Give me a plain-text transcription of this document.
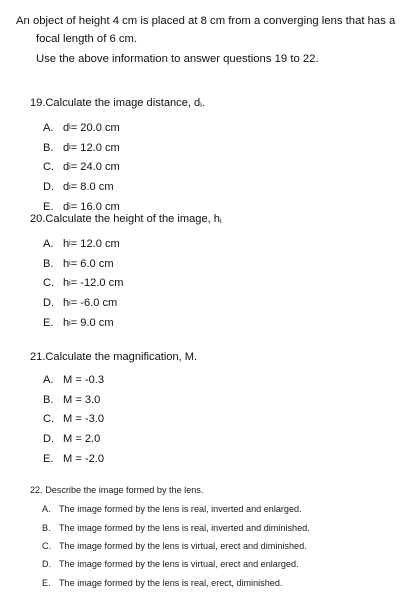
An object of height 4 cm is placed at 8 cm from a converging lens that has a
focal length of 6 cm.
Use the above information to answer questions 19 to 22.
19. Calculate the image distance, di.
A. d i = 20.0 cm
B. d i = 12.0 cm
C. d i = 24.0 cm
D. d i = 8.0 cm
E. d i = 16.0 cm
20. Calculate the height of the image, hi
A. h i = 12.0 cm
B. h i = 6.0 cm
C. h i = -12.0 cm
D. h i = -6.0 cm
E. h i = 9.0 cm
21. Calculate the magnification, M.
A. M = -0.3
B. M = 3.0
C. M = -3.0
D. M = 2.0
E. M = -2.0
22. Describe the image formed by the lens.
A. The image formed by the lens is real, inverted and enlarged.
B. The image formed by the lens is real, inverted and diminished.
C. The image formed by the lens is virtual, erect and diminished.
D. The image formed by the lens is virtual, erect and enlarged.
E. The image formed by the lens is real, erect, diminished.
